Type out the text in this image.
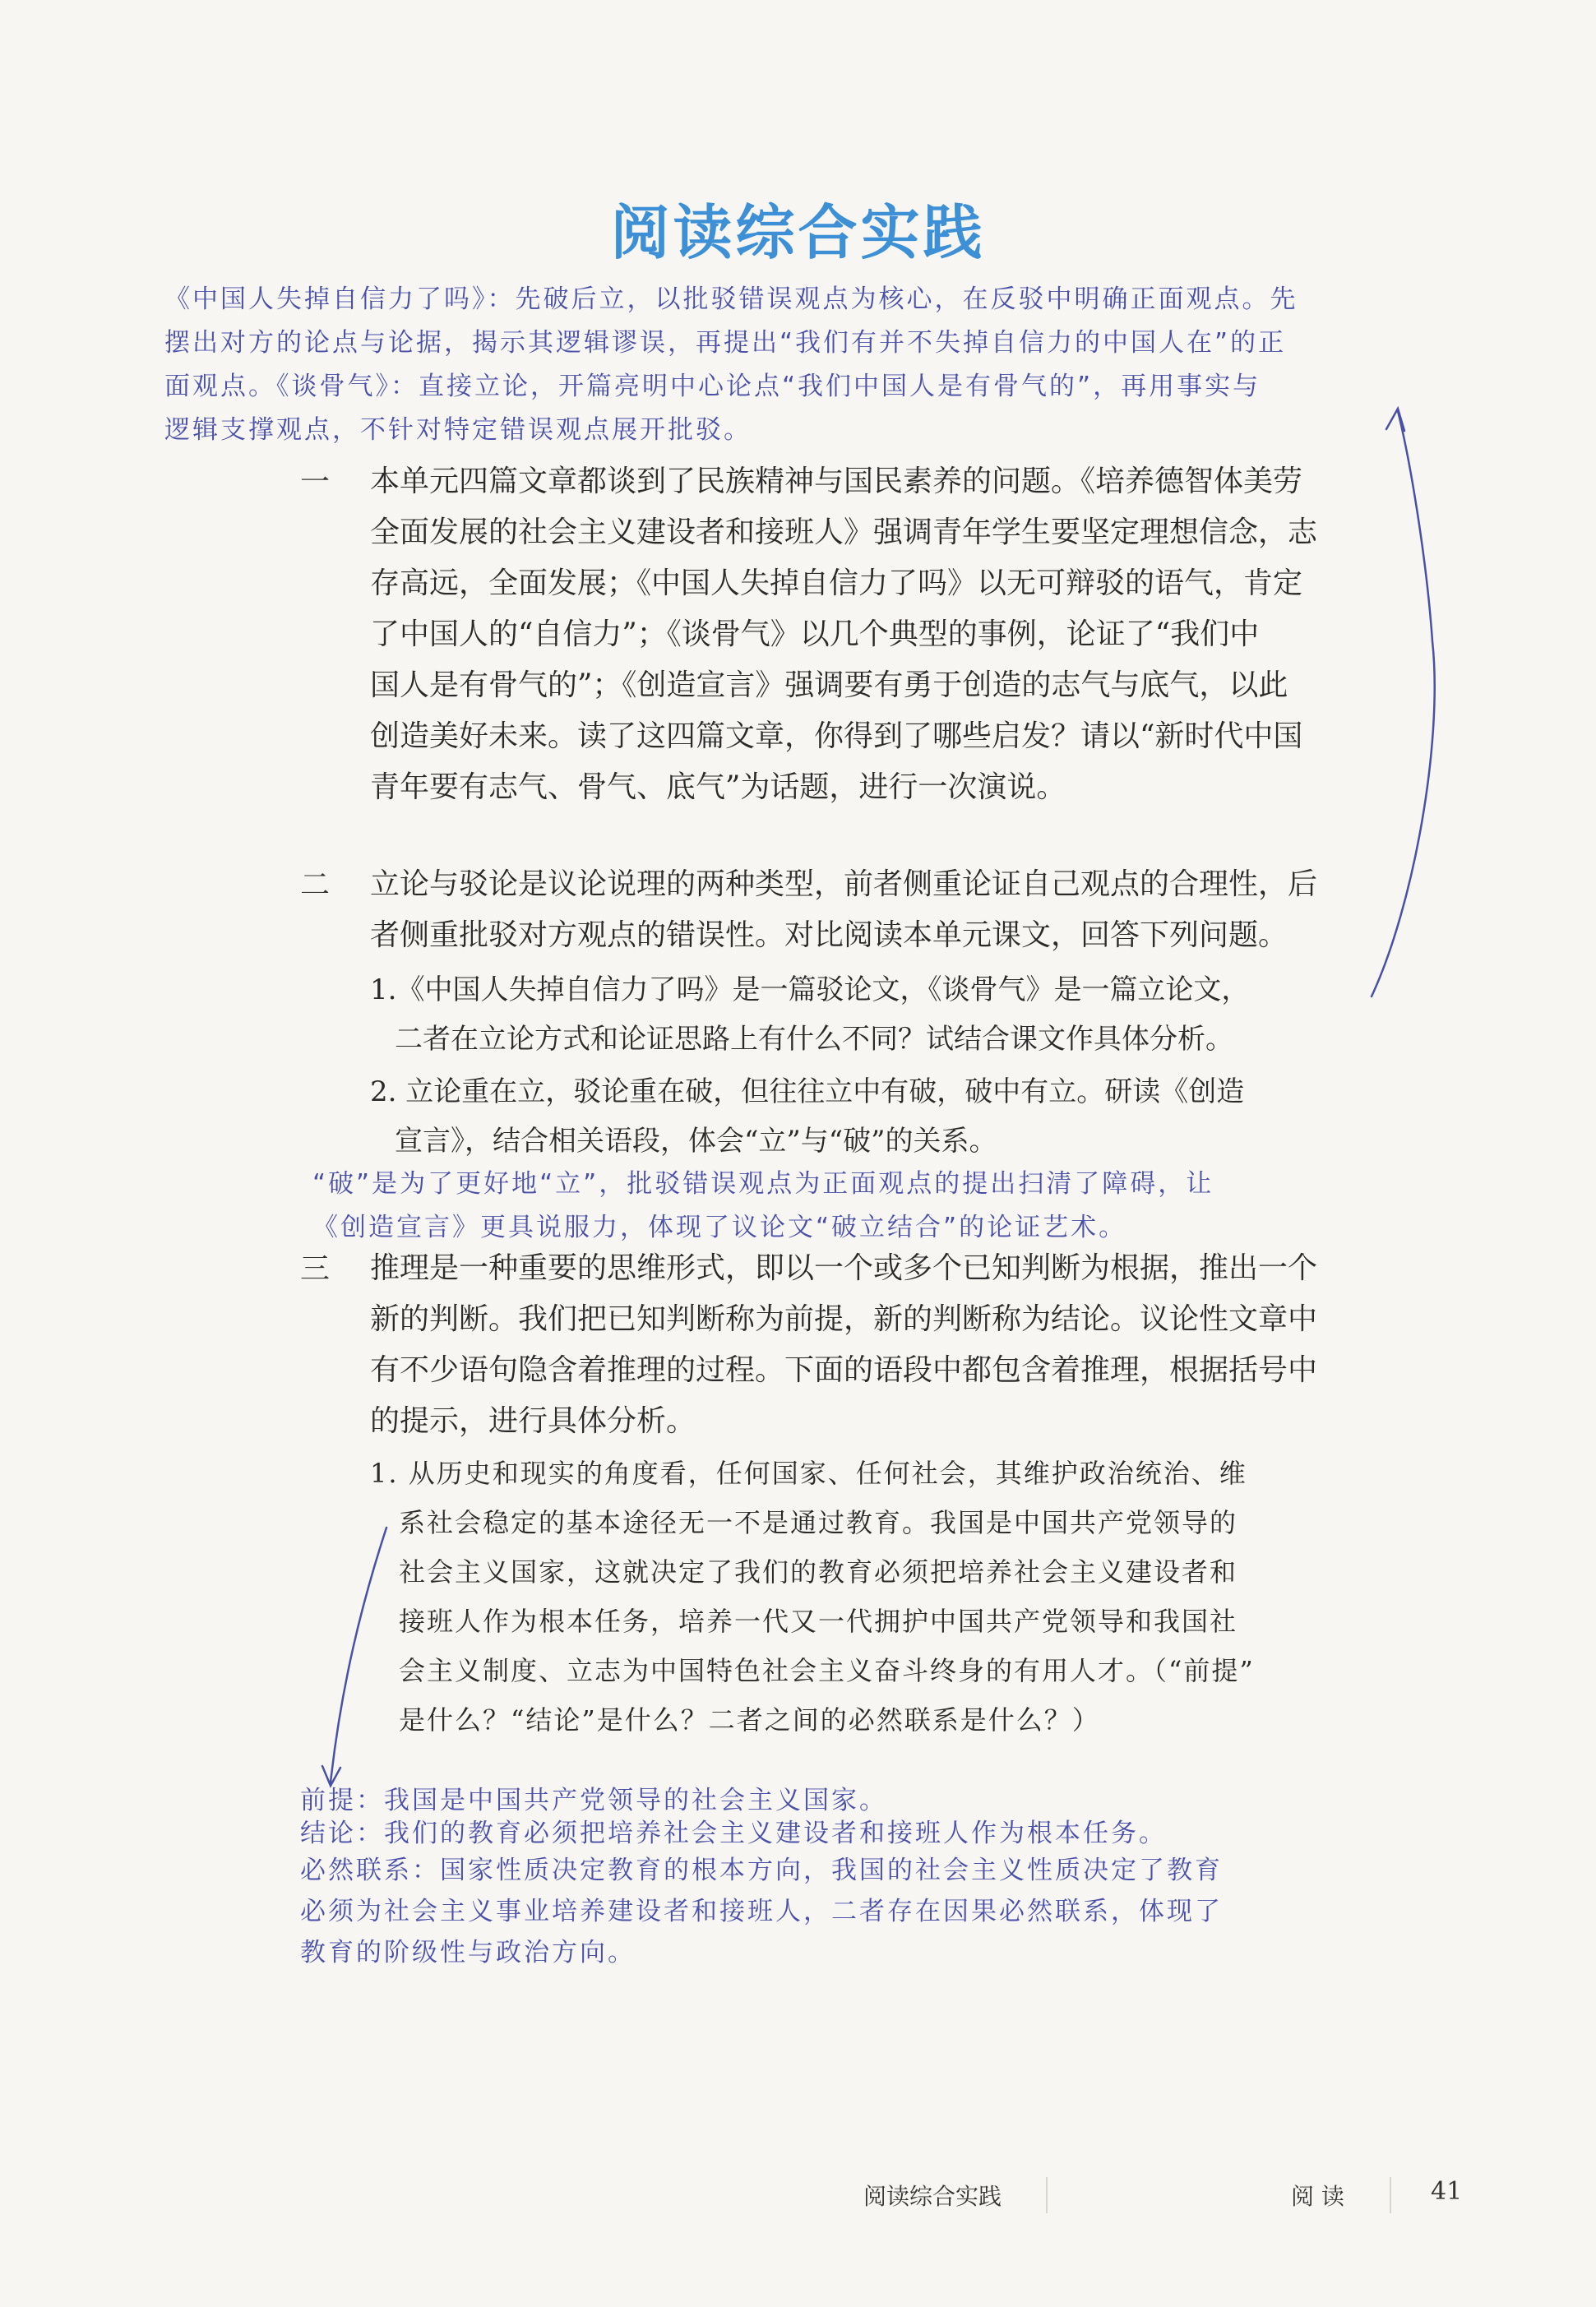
阅读综合实践

《中国人失掉自信力了吗》：先破后立，以批驳错误观点为核心，在反驳中明确正面观点。先

摆出对方的论点与论据，揭示其逻辑谬误，再提出“我们有并不失掉自信力的中国人在”的正

面观点。《谈骨气》：直接立论，开篇亮明中心论点“我们中国人是有骨气的”，再用事实与

逻辑支撑观点，不针对特定错误观点展开批驳。

一 本单元四篇文章都谈到了民族精神与国民素养的问题。《培养德智体美劳

全面发展的社会主义建设者和接班人》强调青年学生要坚定理想信念，志

存高远，全面发展；《中国人失掉自信力了吗》以无可辩驳的语气，肯定

了中国人的“自信力”；《谈骨气》以几个典型的事例，论证了“我们中

国人是有骨气的”；《创造宣言》强调要有勇于创造的志气与底气，以此

创造美好未来。读了这四篇文章，你得到了哪些启发？请以“新时代中国

青年要有志气、骨气、底气”为话题，进行一次演说。

二 立论与驳论是议论说理的两种类型，前者侧重论证自己观点的合理性，后

者侧重批驳对方观点的错误性。对比阅读本单元课文，回答下列问题。

1.《中国人失掉自信力了吗》是一篇驳论文，《谈骨气》是一篇立论文，

二者在立论方式和论证思路上有什么不同？试结合课文作具体分析。

2. 立论重在立，驳论重在破，但往往立中有破，破中有立。研读《创造

宣言》，结合相关语段，体会“立”与“破”的关系。

“破”是为了更好地“立”，批驳错误观点为正面观点的提出扫清了障碍，让

《创造宣言》更具说服力，体现了议论文“破立结合”的论证艺术。

三 推理是一种重要的思维形式，即以一个或多个已知判断为根据，推出一个

新的判断。我们把已知判断称为前提，新的判断称为结论。议论性文章中

有不少语句隐含着推理的过程。下面的语段中都包含着推理，根据括号中

的提示，进行具体分析。

1. 从历史和现实的角度看，任何国家、任何社会，其维护政治统治、维

系社会稳定的基本途径无一不是通过教育。我国是中国共产党领导的

社会主义国家，这就决定了我们的教育必须把培养社会主义建设者和

接班人作为根本任务，培养一代又一代拥护中国共产党领导和我国社

会主义制度、立志为中国特色社会主义奋斗终身的有用人才。（“前提”

是什么？“结论”是什么？二者之间的必然联系是什么？）

前提：我国是中国共产党领导的社会主义国家。

结论：我们的教育必须把培养社会主义建设者和接班人作为根本任务。

必然联系：国家性质决定教育的根本方向，我国的社会主义性质决定了教育

必须为社会主义事业培养建设者和接班人，二者存在因果必然联系，体现了

教育的阶级性与政治方向。

阅读综合实践	阅 读	41
